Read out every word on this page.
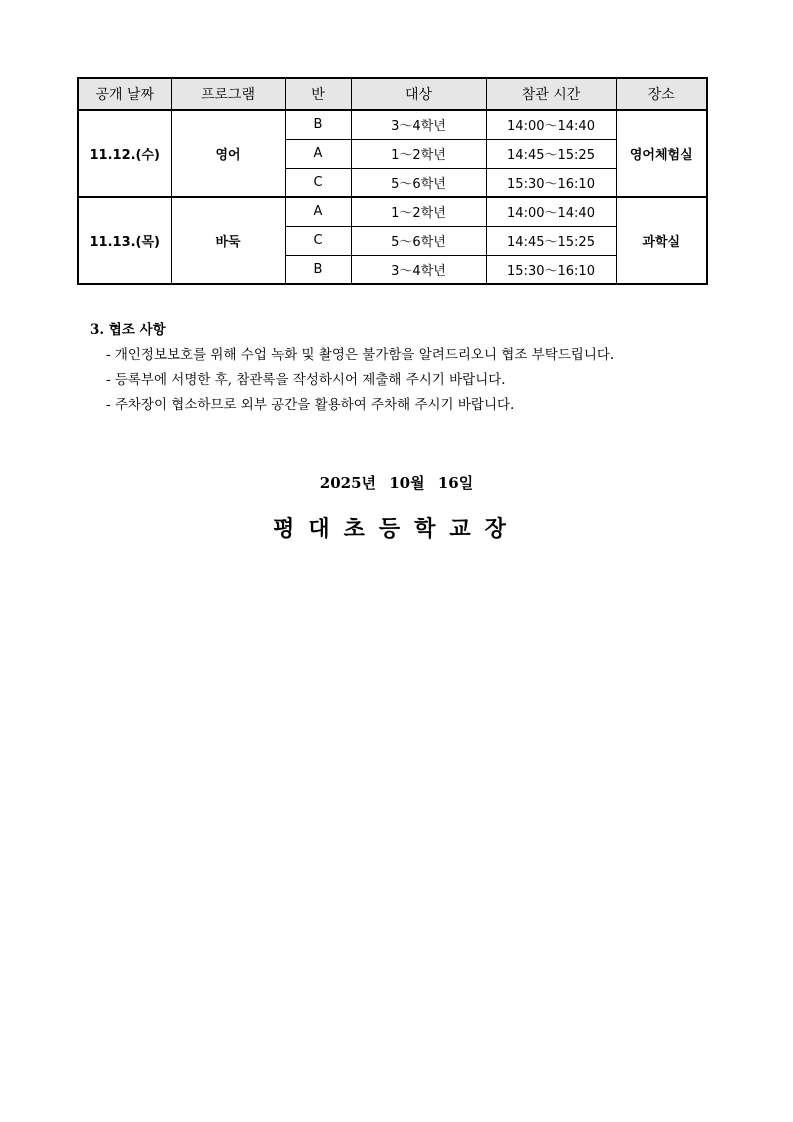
공개 날짜	프로그램	반	대상	참관 시간	장소
11.12.(수)	영어	B	3～4학년	14:00～14:40	영어체험실
		A	1～2학년	14:45～15:25	
		C	5～6학년	15:30～16:10	
11.13.(목)	바둑	A	1～2학년	14:00～14:40	과학실
		C	5～6학년	14:45～15:25	
		B	3～4학년	15:30～16:10	
3. 협조 사항
- 개인정보보호를 위해 수업 녹화 및 촬영은 불가함을 알려드리오니 협조 부탁드립니다.
- 등록부에 서명한 후, 참관록을 작성하시어 제출해 주시기 바랍니다.
- 주차장이 협소하므로 외부 공간을 활용하여 주차해 주시기 바랍니다.
2025년 10월 16일
평대초등학교장
